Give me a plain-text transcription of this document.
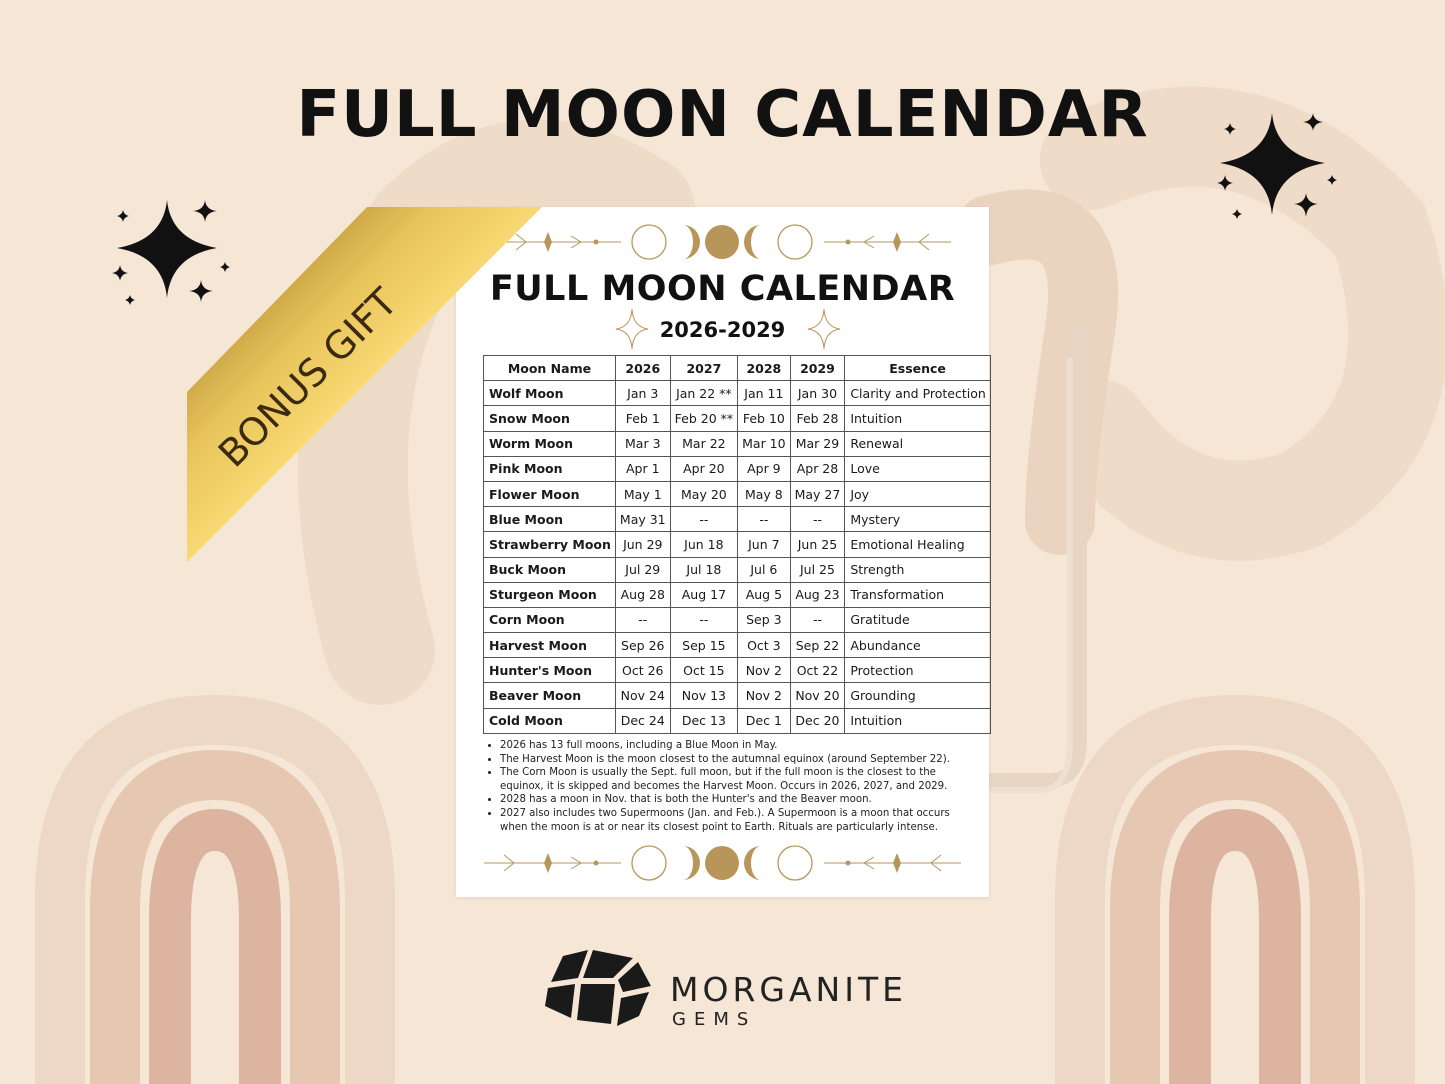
FULL MOON CALENDAR
FULL MOON CALENDAR
2026-2029
Moon Name	2026	2027	2028	2029	Essence
Wolf Moon	Jan 3	Jan 22 **	Jan 11	Jan 30	Clarity and Protection
Snow Moon	Feb 1	Feb 20 **	Feb 10	Feb 28	Intuition
Worm Moon	Mar 3	Mar 22	Mar 10	Mar 29	Renewal
Pink Moon	Apr 1	Apr 20	Apr 9	Apr 28	Love
Flower Moon	May 1	May 20	May 8	May 27	Joy
Blue Moon	May 31	--	--	--	Mystery
Strawberry Moon	Jun 29	Jun 18	Jun 7	Jun 25	Emotional Healing
Buck Moon	Jul 29	Jul 18	Jul 6	Jul 25	Strength
Sturgeon Moon	Aug 28	Aug 17	Aug 5	Aug 23	Transformation
Corn Moon	--	--	Sep 3	--	Gratitude
Harvest Moon	Sep 26	Sep 15	Oct 3	Sep 22	Abundance
Hunter's Moon	Oct 26	Oct 15	Nov 2	Oct 22	Protection
Beaver Moon	Nov 24	Nov 13	Nov 2	Nov 20	Grounding
Cold Moon	Dec 24	Dec 13	Dec 1	Dec 20	Intuition
• 2026 has 13 full moons, including a Blue Moon in May.
• The Harvest Moon is the moon closest to the autumnal equinox (around September 22).
• The Corn Moon is usually the Sept. full moon, but if the full moon is the closest to the equinox, it is skipped and becomes the Harvest Moon. Occurs in 2026, 2027, and 2029.
• 2028 has a moon in Nov. that is both the Hunter's and the Beaver moon.
• 2027 also includes two Supermoons (Jan. and Feb.). A Supermoon is a moon that occurs when the moon is at or near its closest point to Earth. Rituals are particularly intense.
BONUS GIFT
MORGANITE
GEMS
